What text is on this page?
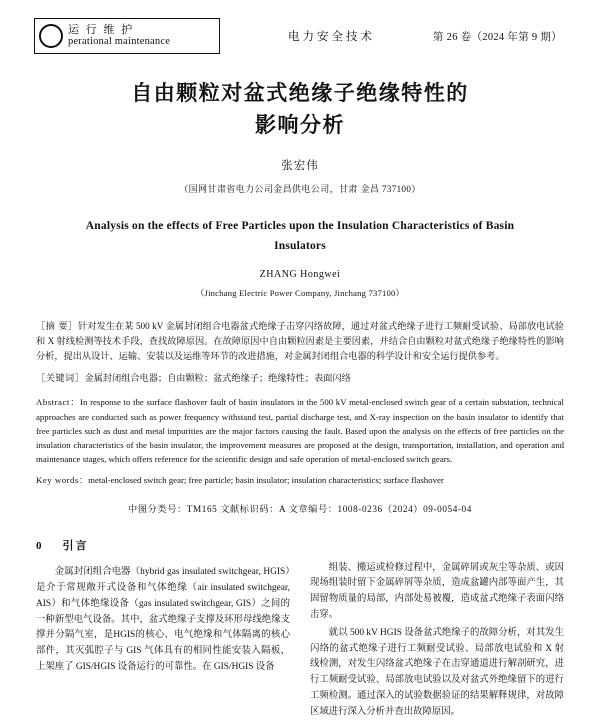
运 行 维 护
perational maintenance	电力安全技术	第 26 卷（2024 年第 9 期）
自由颗粒对盆式绝缘子绝缘特性的
影响分析
张宏伟
（国网甘肃省电力公司金昌供电公司，甘肃 金昌 737100）
Analysis on the effects of Free Particles upon the Insulation Characteristics of Basin Insulators
ZHANG Hongwei
（Jinchang Electric Power Company, Jinchang 737100）
［摘 要］针对发生在某 500 kV 金属封闭组合电器盆式绝缘子击穿闪络故障，通过对盆式绝缘子进行工频耐受试验、局部放电试验和 X 射线检测等技术手段，查找故障原因。在故障原因中自由颗粒因素是主要因素，并结合自由颗粒对盆式绝缘子绝缘特性的影响分析，提出从设计、运输、安装以及运维等环节的改进措施，对金属封闭组合电器的科学设计和安全运行提供参考。
［关键词］金属封闭组合电器；自由颗粒；盆式绝缘子；绝缘特性；表面闪络
Abstract：In response to the surface flashover fault of basin insulators in the 500 kV metal-enclosed switch gear of a certain substation, technical approaches are conducted such as power frequency withstand test, partial discharge test, and X-ray inspection on the basin insulator to identify that free particles such as dust and metal impurities are the major factors causing the fault. Based upon the analysis on the effects of free particles on the insulation characteristics of the basin insulator, the improvement measures are proposed at the design, transportation, installation, and operation and maintenance stages, which offers reference for the scientific design and safe operation of metal-enclosed switch gears.
Key words：metal-enclosed switch gear; free particle; basin insulator; insulation characteristics; surface flashover
中图分类号：TM165 文献标识码：A 文章编号：1008-0236（2024）09-0054-04
0 引言

金属封闭组合电器（hybrid gas insulated switchgear, HGIS）是介于常规敞开式设备和气体绝缘（air insulated switchgear, AIS）和气体绝缘设备（gas insulated switchgear, GIS）之间的一种新型电气设备。其中，盆式绝缘子支撑及环形母线绝缘支撑并分隔气室，是HGIS的核心、电气绝缘和气体隔离的核心部件，其灭弧腔子与 GIS 气体具有的相同性能安装入隔板，上架座了 GIS/HGIS 设备运行的可靠性。在 GIS/HGIS 设备

组装、搬运或检修过程中，金属碎屑或灰尘等杂质、或因现场组装时留下金属碎屑等杂质，造成盆罐内部等面产生，其固留物质量的局部，内部处易被覆，造成盆式绝缘子表面闪络击穿。

就以 500 kV HGIS 设备盆式绝缘子的故障分析，对其发生闪络的盆式绝缘子进行工频耐受试验、局部放电试验和 X 射线检测，对发生闪络盆式绝缘子在击穿通道进行解剖研究，进行工频耐受试验、局部放电试验以及对盆式外绝缘留下的进行工频检测。通过深入的试验数据验证的结果解释规律，对故障区域进行深入分析并查出故障原因。
